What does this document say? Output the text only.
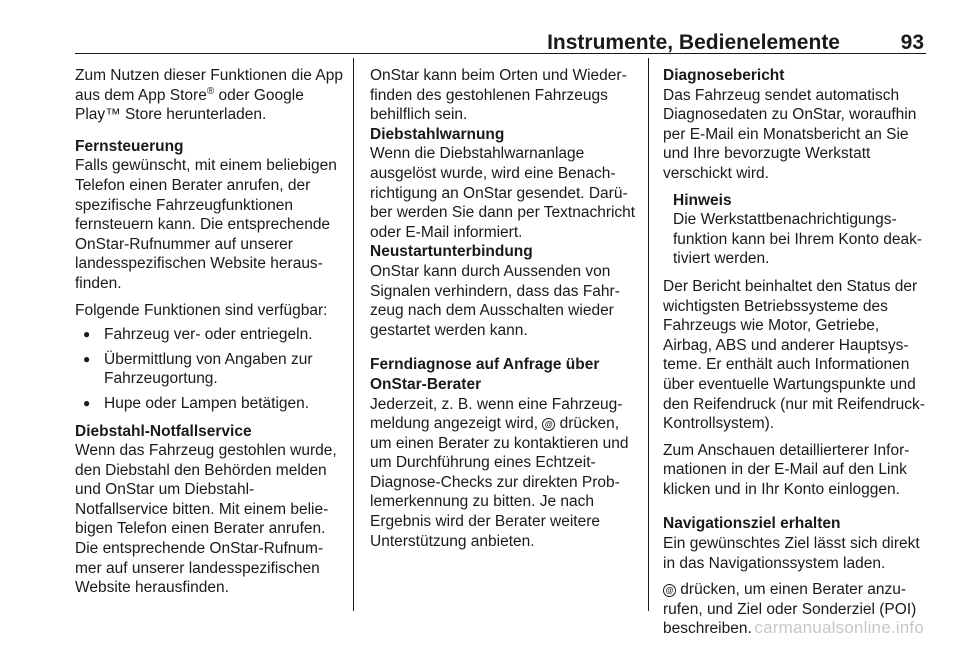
Instrumente, Bedienelemente	93

Zum Nutzen dieser Funktionen die App aus dem App Store® oder Google Play™ Store herunterladen.

Fernsteuerung

Falls gewünscht, mit einem beliebigen Telefon einen Berater anrufen, der spezifische Fahrzeugfunktionen fernsteuern kann. Die entsprechende OnStar-Rufnummer auf unserer landesspezifischen Website herausfinden.

Folgende Funktionen sind verfügbar:

● Fahrzeug ver- oder entriegeln.
● Übermittlung von Angaben zur Fahrzeugortung.
● Hupe oder Lampen betätigen.
Diebstahl-Notfallservice

Wenn das Fahrzeug gestohlen wurde, den Diebstahl den Behörden melden und OnStar um Diebstahl-Notfallservice bitten. Mit einem beliebigen Telefon einen Berater anrufen. Die entsprechende OnStar-Rufnummer auf unserer landesspezifischen Website herausfinden.

OnStar kann beim Orten und Wiederfinden des gestohlenen Fahrzeugs behilflich sein.

Diebstahlwarnung

Wenn die Diebstahlwarnanlage ausgelöst wurde, wird eine Benachrichtigung an OnStar gesendet. Darüber werden Sie dann per Textnachricht oder E-Mail informiert.

Neustartunterbindung

OnStar kann durch Aussenden von Signalen verhindern, dass das Fahrzeug nach dem Ausschalten wieder gestartet werden kann.

Ferndiagnose auf Anfrage über OnStar-Berater

Jederzeit, z. B. wenn eine Fahrzeugmeldung angezeigt wird, @ drücken, um einen Berater zu kontaktieren und um Durchführung eines Echtzeit-Diagnose-Checks zur direkten Problemerkennung zu bitten. Je nach Ergebnis wird der Berater weitere Unterstützung anbieten.

Diagnosebericht

Das Fahrzeug sendet automatisch Diagnosedaten zu OnStar, woraufhin per E-Mail ein Monatsbericht an Sie und Ihre bevorzugte Werkstatt verschickt wird.

Hinweis

Die Werkstattbenachrichtigungsfunktion kann bei Ihrem Konto deaktiviert werden.

Der Bericht beinhaltet den Status der wichtigsten Betriebssysteme des Fahrzeugs wie Motor, Getriebe, Airbag, ABS und anderer Hauptsysteme. Er enthält auch Informationen über eventuelle Wartungspunkte und den Reifendruck (nur mit Reifendruck-Kontrollsystem).

Zum Anschauen detaillierterer Informationen in der E-Mail auf den Link klicken und in Ihr Konto einloggen.

Navigationsziel erhalten

Ein gewünschtes Ziel lässt sich direkt in das Navigationssystem laden.

@ drücken, um einen Berater anzurufen, und Ziel oder Sonderziel (POI) beschreiben. carmanualsonline.info
